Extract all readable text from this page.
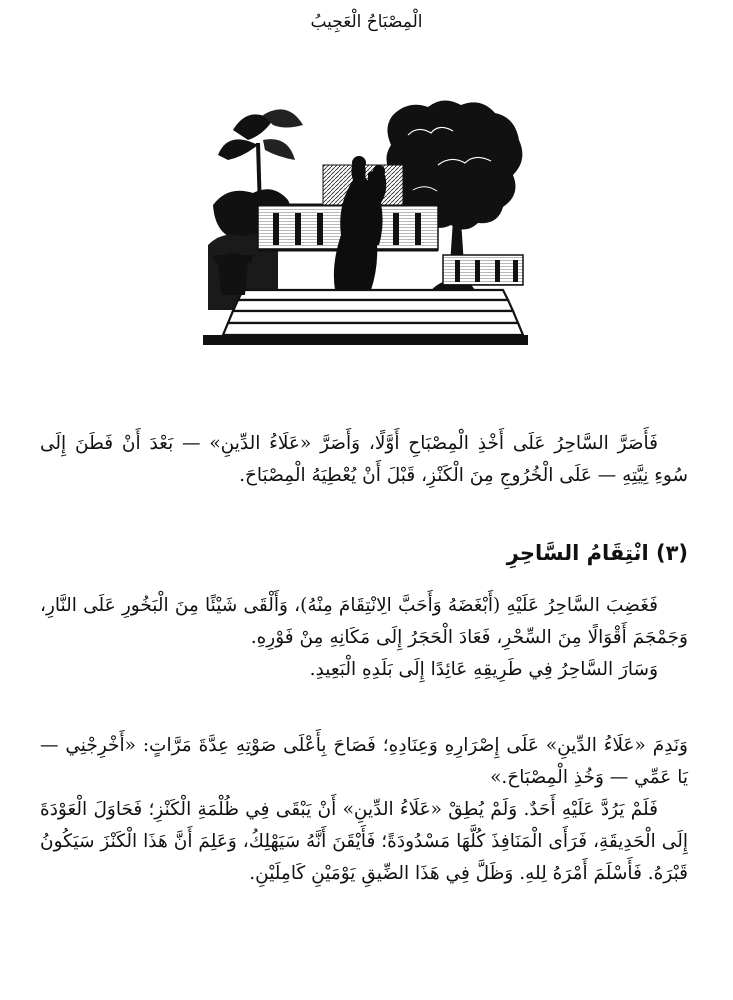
الْمِصْبَاحُ الْعَجِيبُ

فَأَصَرَّ السَّاحِرُ عَلَى أَخْذِ الْمِصْبَاحِ أَوَّلًا، وَأَصَرَّ «عَلَاءُ الدِّينِ» — بَعْدَ أَنْ فَطَنَ إِلَى سُوءِ نِيَّتِهِ — عَلَى الْخُرُوجِ مِنَ الْكَنْزِ، قَبْلَ أَنْ يُعْطِيَهُ الْمِصْبَاحَ.

(٣) انْتِقَامُ السَّاحِرِ

فَغَضِبَ السَّاحِرُ عَلَيْهِ (أَبْغَضَهُ وَأَحَبَّ الِانْتِقَامَ مِنْهُ)، وَأَلْقَى شَيْئًا مِنَ الْبَخُورِ عَلَى النَّارِ، وَجَمْجَمَ أَقْوَالًا مِنَ السِّحْرِ، فَعَادَ الْحَجَرُ إِلَى مَكَانِهِ مِنْ فَوْرِهِ.

وَسَارَ السَّاحِرُ فِي طَرِيقِهِ عَائِدًا إِلَى بَلَدِهِ الْبَعِيدِ.

وَنَدِمَ «عَلَاءُ الدِّينِ» عَلَى إِصْرَارِهِ وَعِنَادِهِ؛ فَصَاحَ بِأَعْلَى صَوْتِهِ عِدَّةَ مَرَّاتٍ: «أَخْرِجْنِي — يَا عَمِّي — وَخُذِ الْمِصْبَاحَ.»

فَلَمْ يَرُدَّ عَلَيْهِ أَحَدٌ. وَلَمْ يُطِقْ «عَلَاءُ الدِّينِ» أَنْ يَبْقَى فِي ظُلْمَةِ الْكَنْزِ؛ فَحَاوَلَ الْعَوْدَةَ إِلَى الْحَدِيقَةِ، فَرَأَى الْمَنَافِذَ كُلَّهَا مَسْدُودَةً؛ فَأَيْقَنَ أَنَّهُ سَيَهْلِكُ، وَعَلِمَ أَنَّ هَذَا الْكَنْزَ سَيَكُونُ قَبْرَهُ. فَأَسْلَمَ أَمْرَهُ لِلهِ. وَظَلَّ فِي هَذَا الضِّيقِ يَوْمَيْنِ كَامِلَيْنِ.
